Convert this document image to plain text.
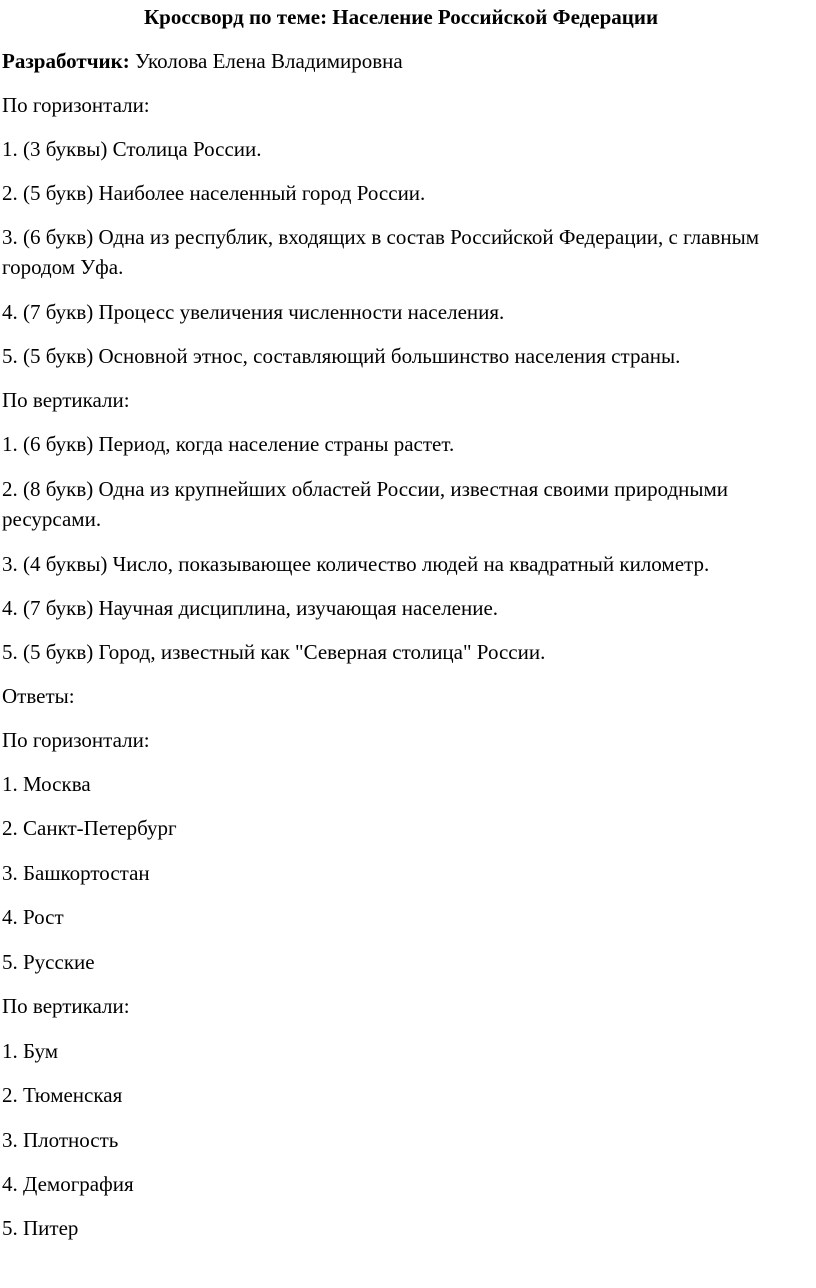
Кроссворд по теме: Население Российской Федерации

Разработчик: Уколова Елена Владимировна

По горизонтали:

1. (3 буквы) Столица России.

2. (5 букв) Наиболее населенный город России.

3. (6 букв) Одна из республик, входящих в состав Российской Федерации, с главным городом Уфа.

4. (7 букв) Процесс увеличения численности населения.

5. (5 букв) Основной этнос, составляющий большинство населения страны.

По вертикали:

1. (6 букв) Период, когда население страны растет.

2. (8 букв) Одна из крупнейших областей России, известная своими природными ресурсами.

3. (4 буквы) Число, показывающее количество людей на квадратный километр.

4. (7 букв) Научная дисциплина, изучающая население.

5. (5 букв) Город, известный как "Северная столица" России.

Ответы:

По горизонтали:

1. Москва

2. Санкт-Петербург

3. Башкортостан

4. Рост

5. Русские

По вертикали:

1. Бум

2. Тюменская

3. Плотность

4. Демография

5. Питер
